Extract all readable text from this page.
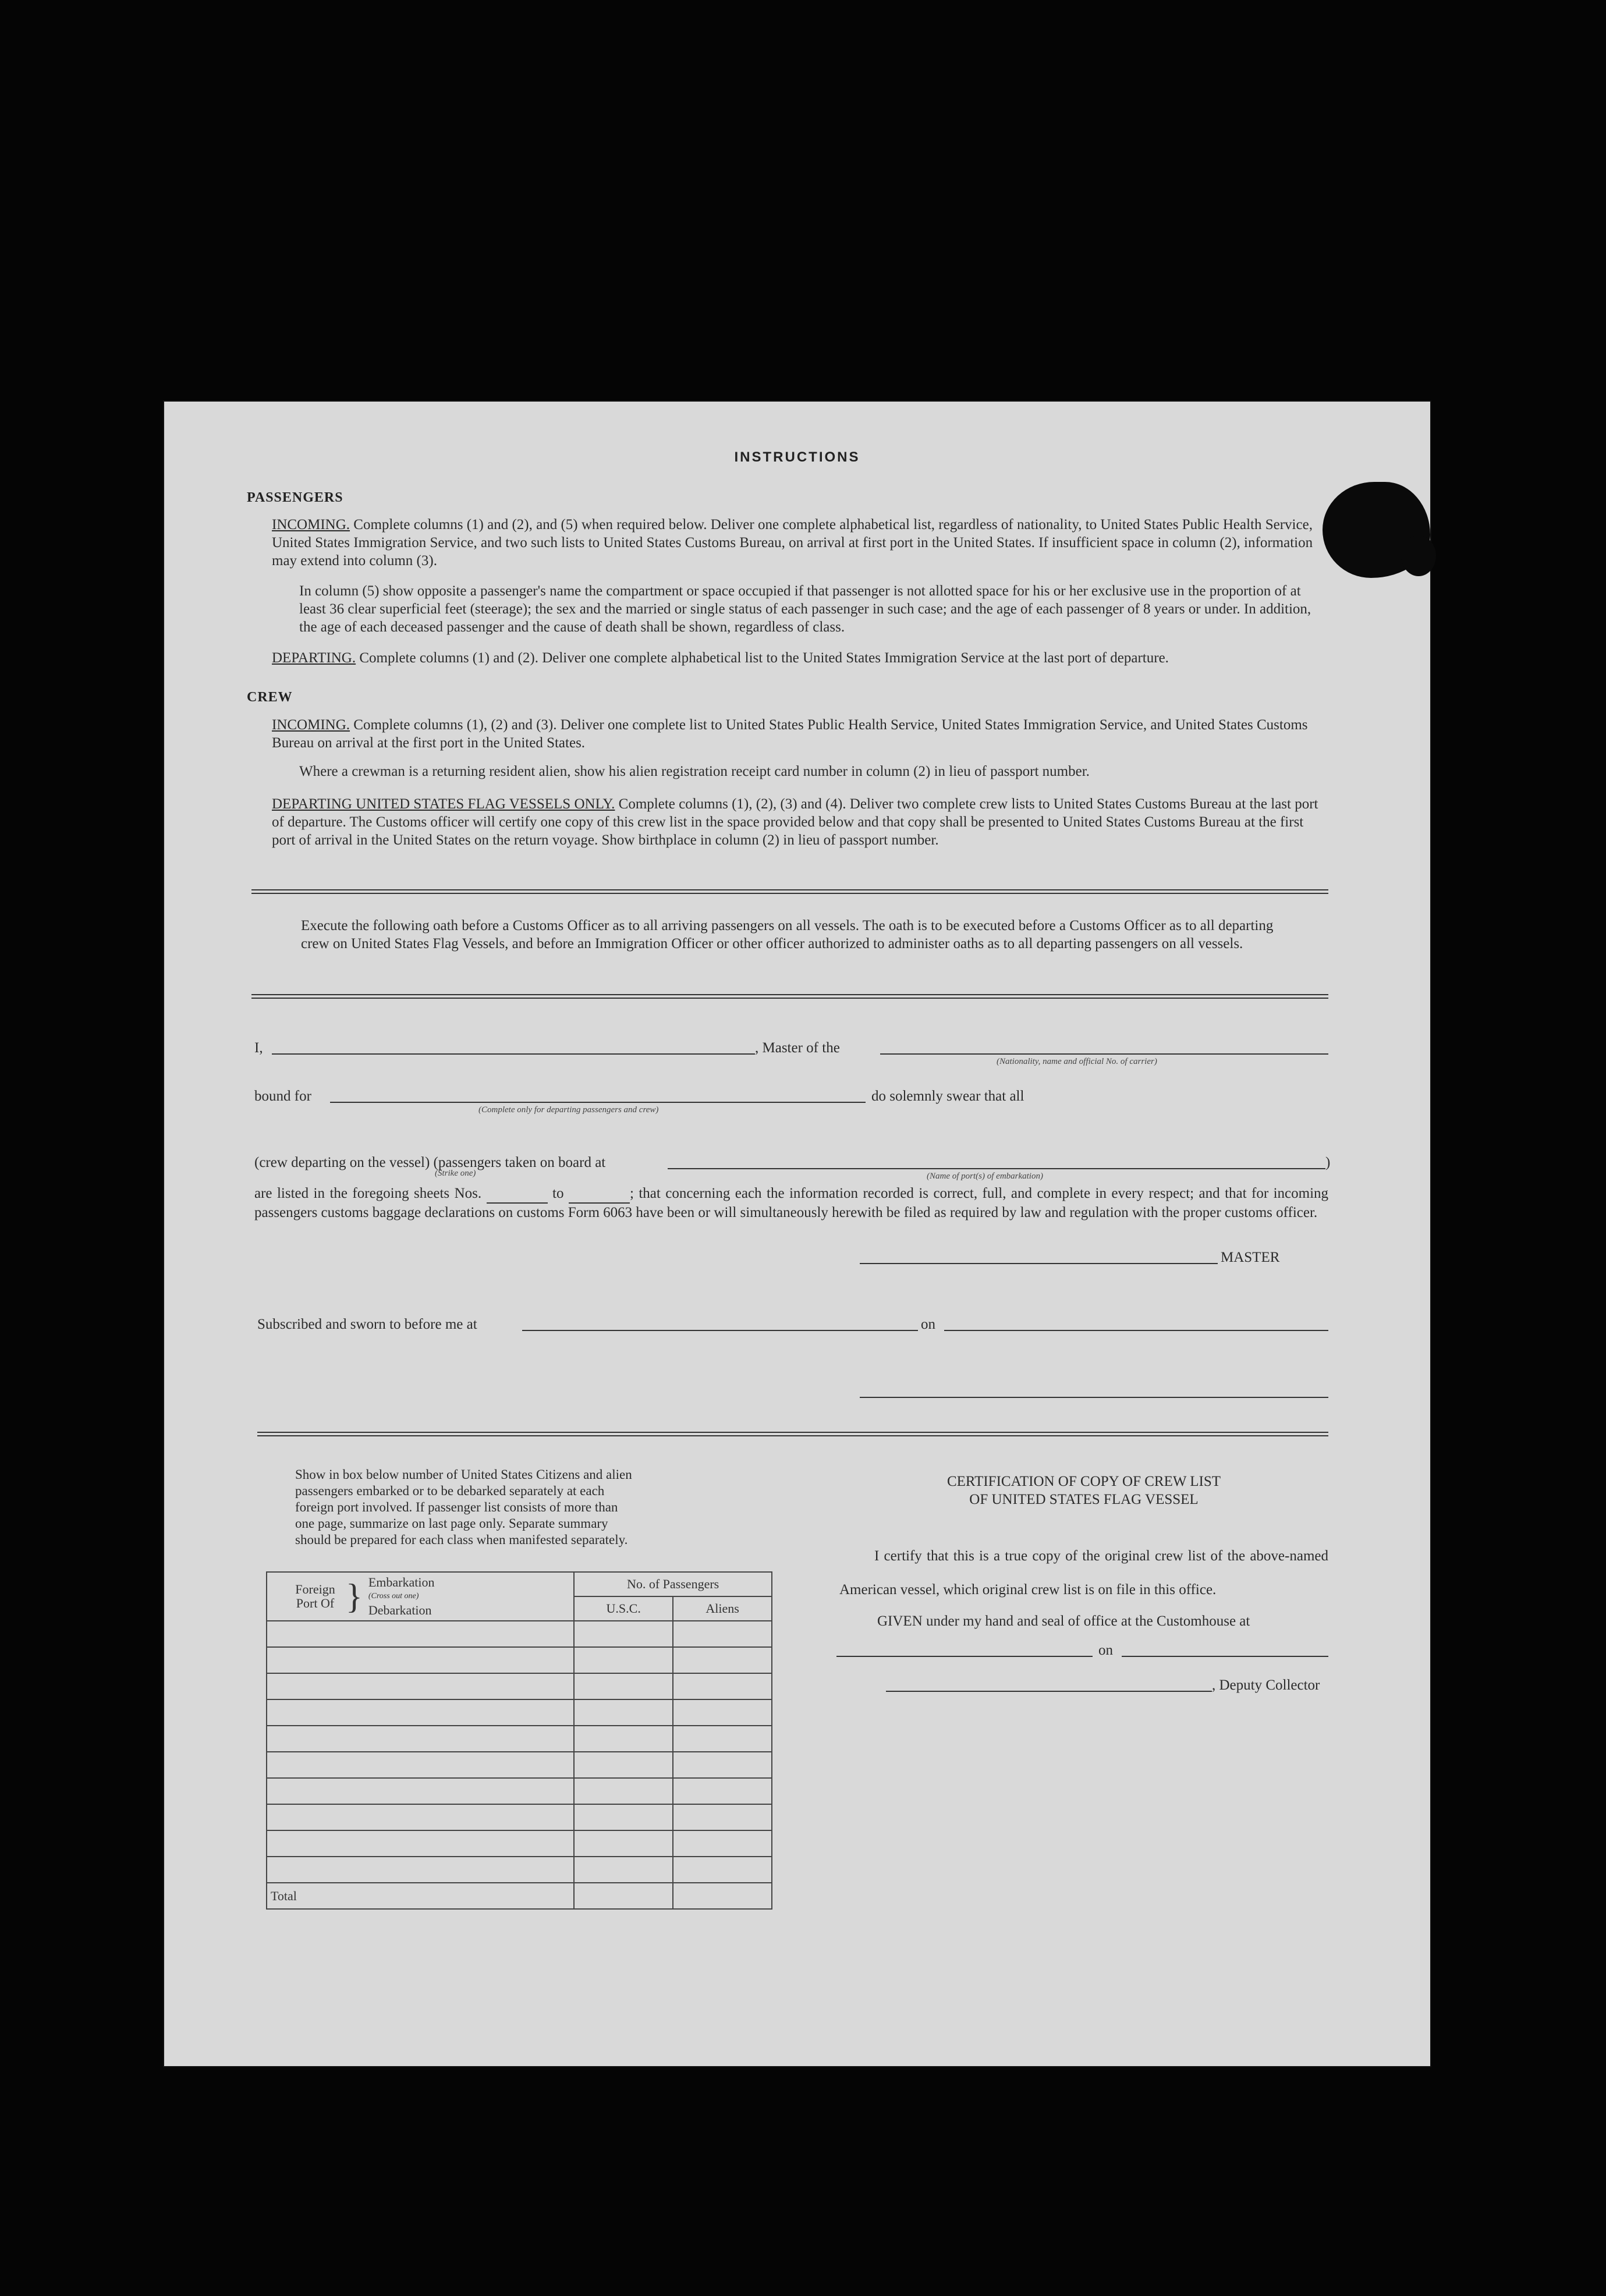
INSTRUCTIONS
PASSENGERS
INCOMING. Complete columns (1) and (2), and (5) when required below. Deliver one complete alphabetical list, regardless of nationality, to United States Public Health Service, United States Immigration Service, and two such lists to United States Customs Bureau, on arrival at first port in the United States. If insufficient space in column (2), information may extend into column (3).
In column (5) show opposite a passenger's name the compartment or space occupied if that passenger is not allotted space for his or her exclusive use in the proportion of at least 36 clear superficial feet (steerage); the sex and the married or single status of each passenger in such case; and the age of each passenger of 8 years or under. In addition, the age of each deceased passenger and the cause of death shall be shown, regardless of class.
DEPARTING. Complete columns (1) and (2). Deliver one complete alphabetical list to the United States Immigration Service at the last port of departure.
CREW
INCOMING. Complete columns (1), (2) and (3). Deliver one complete list to United States Public Health Service, United States Immigration Service, and United States Customs Bureau on arrival at the first port in the United States.
Where a crewman is a returning resident alien, show his alien registration receipt card number in column (2) in lieu of passport number.
DEPARTING UNITED STATES FLAG VESSELS ONLY. Complete columns (1), (2), (3) and (4). Deliver two complete crew lists to United States Customs Bureau at the last port of departure. The Customs officer will certify one copy of this crew list in the space provided below and that copy shall be presented to United States Customs Bureau at the first port of arrival in the United States on the return voyage. Show birthplace in column (2) in lieu of passport number.
Execute the following oath before a Customs Officer as to all arriving passengers on all vessels. The oath is to be executed before a Customs Officer as to all departing crew on United States Flag Vessels, and before an Immigration Officer or other officer authorized to administer oaths as to all departing passengers on all vessels.
I,	, Master of the
(Nationality, name and official No. of carrier)
bound for
(Complete only for departing passengers and crew)
do solemnly swear that all
(crew departing on the vessel) (passengers taken on board at
(Strike one)
)
(Name of port(s) of embarkation)
are listed in the foregoing sheets Nos.	to	; that concerning each the information recorded is correct, full, and complete in every respect; and that for incoming passengers customs baggage declarations on customs Form 6063 have been or will simultaneously herewith be filed as required by law and regulation with the proper customs officer.
MASTER
Subscribed and sworn to before me at	on
Show in box below number of United States Citizens and alien passengers embarked or to be debarked separately at each foreign port involved. If passenger list consists of more than one page, summarize on last page only. Separate summary should be prepared for each class when manifested separately.
Foreign Port Of } Embarkation
(Cross out one)
Debarkation	No. of Passengers	
	U.S.C.	Aliens

Total		
CERTIFICATION OF COPY OF CREW LIST
OF UNITED STATES FLAG VESSEL
I certify that this is a true copy of the original crew list of the above-named American vessel, which original crew list is on file in this office.
GIVEN under my hand and seal of office at the Customhouse at
on
, Deputy Collector
